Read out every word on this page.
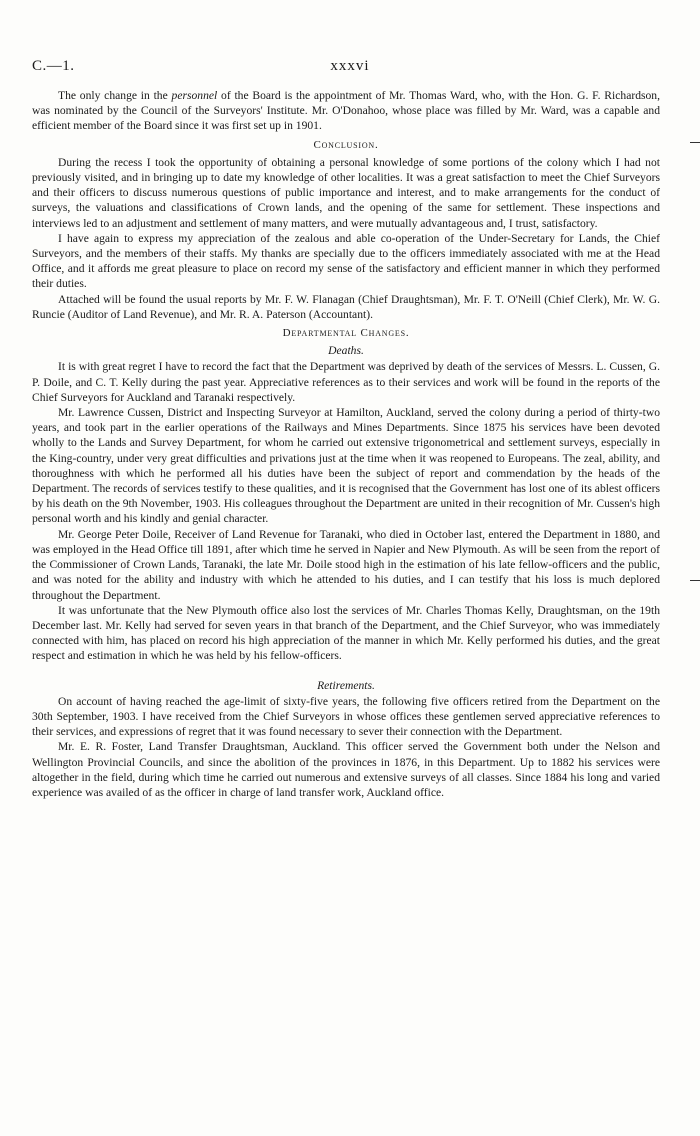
C.—1.	xxxvi

The only change in the personnel of the Board is the appointment of Mr. Thomas Ward, who, with the Hon. G. F. Richardson, was nominated by the Council of the Surveyors' Institute. Mr. O'Donahoo, whose place was filled by Mr. Ward, was a capable and efficient member of the Board since it was first set up in 1901.

Conclusion.

During the recess I took the opportunity of obtaining a personal knowledge of some portions of the colony which I had not previously visited, and in bringing up to date my knowledge of other localities. It was a great satisfaction to meet the Chief Surveyors and their officers to discuss numerous questions of public importance and interest, and to make arrangements for the conduct of surveys, the valuations and classifications of Crown lands, and the opening of the same for settlement. These inspections and interviews led to an adjustment and settlement of many matters, and were mutually advantageous and, I trust, satisfactory.

I have again to express my appreciation of the zealous and able co-operation of the Under-Secretary for Lands, the Chief Surveyors, and the members of their staffs. My thanks are specially due to the officers immediately associated with me at the Head Office, and it affords me great pleasure to place on record my sense of the satisfactory and efficient manner in which they performed their duties.

Attached will be found the usual reports by Mr. F. W. Flanagan (Chief Draughtsman), Mr. F. T. O'Neill (Chief Clerk), Mr. W. G. Runcie (Auditor of Land Revenue), and Mr. R. A. Paterson (Accountant).

Departmental Changes.
Deaths.

It is with great regret I have to record the fact that the Department was deprived by death of the services of Messrs. L. Cussen, G. P. Doile, and C. T. Kelly during the past year. Appreciative references as to their services and work will be found in the reports of the Chief Surveyors for Auckland and Taranaki respectively.

Mr. Lawrence Cussen, District and Inspecting Surveyor at Hamilton, Auckland, served the colony during a period of thirty-two years, and took part in the earlier operations of the Railways and Mines Departments. Since 1875 his services have been devoted wholly to the Lands and Survey Department, for whom he carried out extensive trigonometrical and settlement surveys, especially in the King-country, under very great difficulties and privations just at the time when it was reopened to Europeans. The zeal, ability, and thoroughness with which he performed all his duties have been the subject of report and commendation by the heads of the Department. The records of services testify to these qualities, and it is recognised that the Government has lost one of its ablest officers by his death on the 9th November, 1903. His colleagues throughout the Department are united in their recognition of Mr. Cussen's high personal worth and his kindly and genial character.

Mr. George Peter Doile, Receiver of Land Revenue for Taranaki, who died in October last, entered the Department in 1880, and was employed in the Head Office till 1891, after which time he served in Napier and New Plymouth. As will be seen from the report of the Commissioner of Crown Lands, Taranaki, the late Mr. Doile stood high in the estimation of his late fellow-officers and the public, and was noted for the ability and industry with which he attended to his duties, and I can testify that his loss is much deplored throughout the Department.

It was unfortunate that the New Plymouth office also lost the services of Mr. Charles Thomas Kelly, Draughtsman, on the 19th December last. Mr. Kelly had served for seven years in that branch of the Department, and the Chief Surveyor, who was immediately connected with him, has placed on record his high appreciation of the manner in which Mr. Kelly performed his duties, and the great respect and estimation in which he was held by his fellow-officers.

Retirements.

On account of having reached the age-limit of sixty-five years, the following five officers retired from the Department on the 30th September, 1903. I have received from the Chief Surveyors in whose offices these gentlemen served appreciative references to their services, and expressions of regret that it was found necessary to sever their connection with the Department.

Mr. E. R. Foster, Land Transfer Draughtsman, Auckland. This officer served the Government both under the Nelson and Wellington Provincial Councils, and since the abolition of the provinces in 1876, in this Department. Up to 1882 his services were altogether in the field, during which time he carried out numerous and extensive surveys of all classes. Since 1884 his long and varied experience was availed of as the officer in charge of land transfer work, Auckland office.
